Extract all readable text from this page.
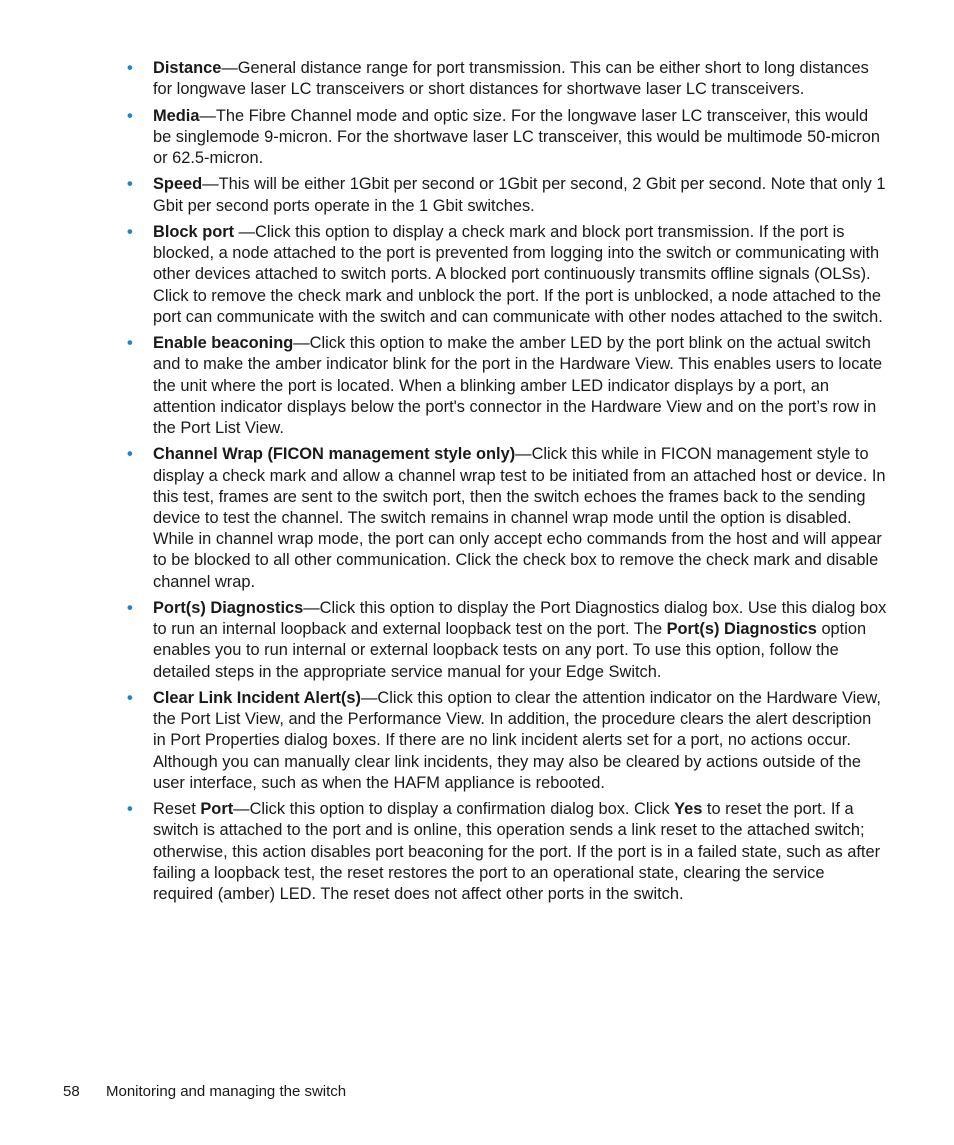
• Distance—General distance range for port transmission. This can be either short to long distances for longwave laser LC transceivers or short distances for shortwave laser LC transceivers.
• Media—The Fibre Channel mode and optic size. For the longwave laser LC transceiver, this would be singlemode 9-micron. For the shortwave laser LC transceiver, this would be multimode 50-micron or 62.5-micron.
• Speed—This will be either 1Gbit per second or 1Gbit per second, 2 Gbit per second. Note that only 1 Gbit per second ports operate in the 1 Gbit switches.
• Block port —Click this option to display a check mark and block port transmission. If the port is blocked, a node attached to the port is prevented from logging into the switch or communicating with other devices attached to switch ports. A blocked port continuously transmits offline signals (OLSs). Click to remove the check mark and unblock the port. If the port is unblocked, a node attached to the port can communicate with the switch and can communicate with other nodes attached to the switch.
• Enable beaconing—Click this option to make the amber LED by the port blink on the actual switch and to make the amber indicator blink for the port in the Hardware View. This enables users to locate the unit where the port is located. When a blinking amber LED indicator displays by a port, an attention indicator displays below the port's connector in the Hardware View and on the port’s row in the Port List View.
• Channel Wrap (FICON management style only)—Click this while in FICON management style to display a check mark and allow a channel wrap test to be initiated from an attached host or device. In this test, frames are sent to the switch port, then the switch echoes the frames back to the sending device to test the channel. The switch remains in channel wrap mode until the option is disabled. While in channel wrap mode, the port can only accept echo commands from the host and will appear to be blocked to all other communication. Click the check box to remove the check mark and disable channel wrap.
• Port(s) Diagnostics—Click this option to display the Port Diagnostics dialog box. Use this dialog box to run an internal loopback and external loopback test on the port. The Port(s) Diagnostics option enables you to run internal or external loopback tests on any port. To use this option, follow the detailed steps in the appropriate service manual for your Edge Switch.
• Clear Link Incident Alert(s)—Click this option to clear the attention indicator on the Hardware View, the Port List View, and the Performance View. In addition, the procedure clears the alert description in Port Properties dialog boxes. If there are no link incident alerts set for a port, no actions occur. Although you can manually clear link incidents, they may also be cleared by actions outside of the user interface, such as when the HAFM appliance is rebooted.
• Reset Port—Click this option to display a confirmation dialog box. Click Yes to reset the port. If a switch is attached to the port and is online, this operation sends a link reset to the attached switch; otherwise, this action disables port beaconing for the port. If the port is in a failed state, such as after failing a loopback test, the reset restores the port to an operational state, clearing the service required (amber) LED. The reset does not affect other ports in the switch.
58 Monitoring and managing the switch
